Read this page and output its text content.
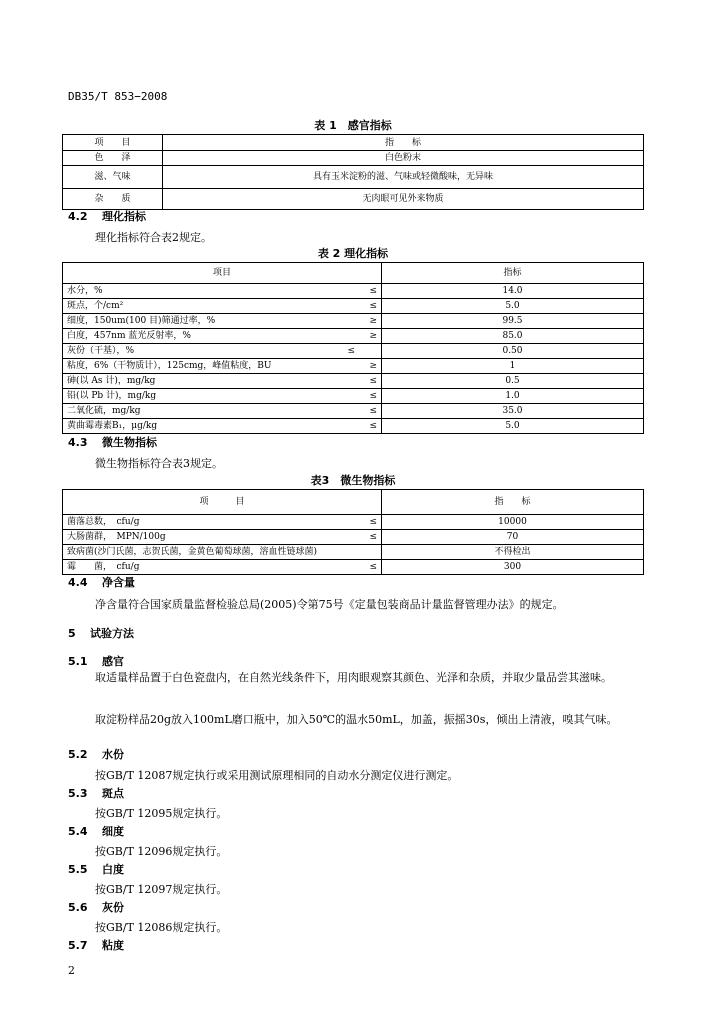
DB35/T 853−2008
表 1　感官指标
项　　目	指　　标
色　　泽	白色粉末
滋、气味	具有玉米淀粉的滋、气味或轻微酸味，无异味
杂　　质	无肉眼可见外来物质
4.2 理化指标
理化指标符合表2规定。
表 2 理化指标
项目	指标
水分，% ≤	14.0
斑点，个/cm² ≤	5.0
细度，150um(100 目)筛通过率，% ≥	99.5
白度，457nm 蓝光反射率，% ≥	85.0
灰份（干基），% ≤	0.50
粘度，6%（干物质计），125cmg，峰值粘度，BU ≥	1
砷(以 As 计)，mg/kg ≤	0.5
铅(以 Pb 计)，mg/kg ≤	1.0
二氧化硫，mg/kg ≤	35.0
黄曲霉毒素B₁，μg/kg ≤	5.0
4.3 微生物指标
微生物指标符合表3规定。
表3　微生物指标
项　　　目	指　　标
菌落总数，　cfu/g ≤	10000
大肠菌群，　MPN/100g ≤	70
致病菌(沙门氏菌，志贺氏菌，金黄色葡萄球菌，溶血性链球菌)	不得检出
霉　　菌，　cfu/g ≤	300
4.4 净含量
净含量符合国家质量监督检验总局(2005)令第75号《定量包装商品计量监督管理办法》的规定。
5 试验方法
5.1 感官
取适量样品置于白色瓷盘内，在自然光线条件下，用肉眼观察其颜色、光泽和杂质，并取少量品尝其滋味。
取淀粉样品20g放入100mL磨口瓶中，加入50℃的温水50mL，加盖，振摇30s，倾出上清液，嗅其气味。
5.2 水份
按GB/T 12087规定执行或采用测试原理相同的自动水分测定仪进行测定。
5.3 斑点
按GB/T 12095规定执行。
5.4 细度
按GB/T 12096规定执行。
5.5 白度
按GB/T 12097规定执行。
5.6 灰份
按GB/T 12086规定执行。
5.7 粘度
2
